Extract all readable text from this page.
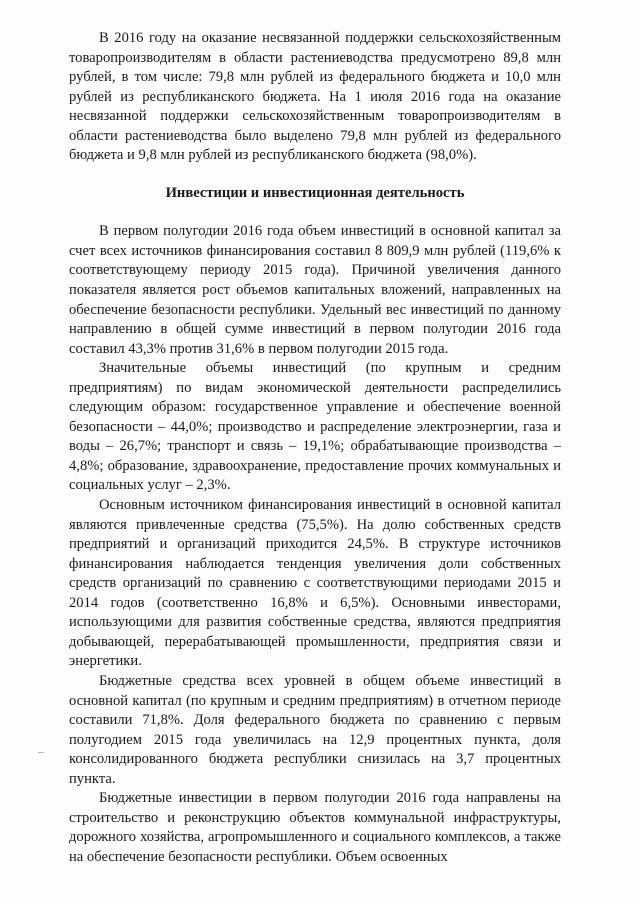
В 2016 году на оказание несвязанной поддержки сельскохозяйственным товаропроизводителям в области растениеводства предусмотрено 89,8 млн рублей, в том числе: 79,8 млн рублей из федерального бюджета и 10,0 млн рублей из республиканского бюджета. На 1 июля 2016 года на оказание несвязанной поддержки сельскохозяйственным товаропроизводителям в области растениеводства было выделено 79,8 млн рублей из федерального бюджета и 9,8 млн рублей из республиканского бюджета (98,0%).

Инвестиции и инвестиционная деятельность

В первом полугодии 2016 года объем инвестиций в основной капитал за счет всех источников финансирования составил 8 809,9 млн рублей (119,6% к соответствующему периоду 2015 года). Причиной увеличения данного показателя является рост объемов капитальных вложений, направленных на обеспечение безопасности республики. Удельный вес инвестиций по данному направлению в общей сумме инвестиций в первом полугодии 2016 года составил 43,3% против 31,6% в первом полугодии 2015 года.

Значительные объемы инвестиций (по крупным и средним предприятиям) по видам экономической деятельности распределились следующим образом: государственное управление и обеспечение военной безопасности – 44,0%; производство и распределение электроэнергии, газа и воды – 26,7%; транспорт и связь – 19,1%; обрабатывающие производства – 4,8%; образование, здравоохранение, предоставление прочих коммунальных и социальных услуг – 2,3%.

Основным источником финансирования инвестиций в основной капитал являются привлеченные средства (75,5%). На долю собственных средств предприятий и организаций приходится 24,5%. В структуре источников финансирования наблюдается тенденция увеличения доли собственных средств организаций по сравнению с соответствующими периодами 2015 и 2014 годов (соответственно 16,8% и 6,5%). Основными инвесторами, использующими для развития собственные средства, являются предприятия добывающей, перерабатывающей промышленности, предприятия связи и энергетики.

Бюджетные средства всех уровней в общем объеме инвестиций в основной капитал (по крупным и средним предприятиям) в отчетном периоде составили 71,8%. Доля федерального бюджета по сравнению с первым полугодием 2015 года увеличилась на 12,9 процентных пункта, доля консолидированного бюджета республики снизилась на 3,7 процентных пункта.

Бюджетные инвестиции в первом полугодии 2016 года направлены на строительство и реконструкцию объектов коммунальной инфраструктуры, дорожного хозяйства, агропромышленного и социального комплексов, а также на обеспечение безопасности республики. Объем освоенных
